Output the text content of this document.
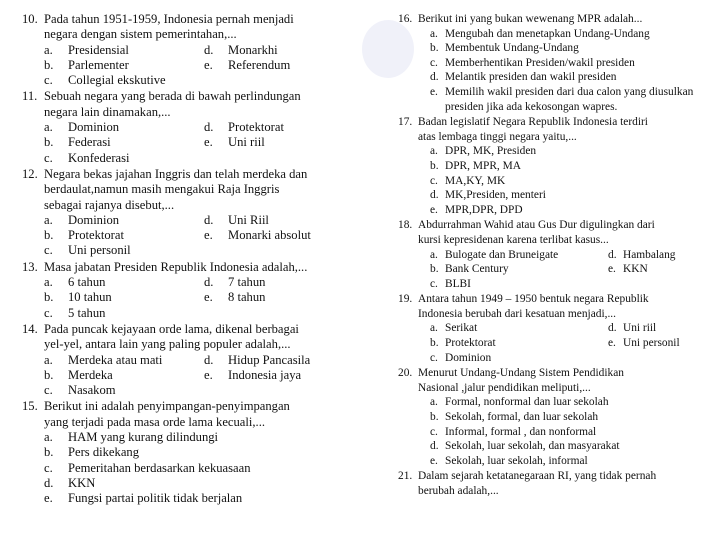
10. Pada tahun 1951-1959, Indonesia pernah menjadi
negara dengan sistem pemerintahan,...
a.	Presidensial	d.	Monarkhi
b.	Parlementer	e.	Referendum
c.	Collegial ekskutive
11. Sebuah negara yang berada di bawah perlindungan
negara lain dinamakan,...
a.	Dominion	d.	Protektorat
b.	Federasi	e.	Uni riil
c.	Konfederasi
12. Negara bekas jajahan Inggris dan telah merdeka dan
berdaulat,namun masih mengakui Raja Inggris
sebagai rajanya disebut,...
a.	Dominion	d.	Uni Riil
b.	Protektorat	e.	Monarki absolut
c.	Uni personil
13. Masa jabatan Presiden Republik Indonesia adalah,...
a.	6 tahun	d.	7 tahun
b.	10 tahun	e.	8 tahun
c.	5 tahun
14. Pada puncak kejayaan orde lama, dikenal berbagai
yel-yel, antara lain yang paling populer adalah,...
a.	Merdeka atau mati	d.	Hidup Pancasila
b.	Merdeka	e.	Indonesia jaya
c.	Nasakom
15. Berikut ini adalah penyimpangan-penyimpangan
yang terjadi pada masa orde lama kecuali,...
a.	HAM yang kurang dilindungi
b.	Pers dikekang
c.	Pemeritahan berdasarkan kekuasaan
d.	KKN
e.	Fungsi partai politik tidak berjalan
16. Berikut ini yang bukan wewenang MPR adalah...
a. Mengubah dan menetapkan Undang-Undang
b. Membentuk Undang-Undang
c. Memberhentikan Presiden/wakil presiden
d. Melantik presiden dan wakil presiden
e. Memilih wakil presiden dari dua calon yang diusulkan presiden jika ada kekosongan wapres.
17. Badan legislatif Negara Republik Indonesia terdiri
atas lembaga tinggi negara yaitu,...
a. DPR, MK, Presiden
b. DPR, MPR, MA
c. MA,KY, MK
d. MK,Presiden, menteri
e. MPR,DPR, DPD
18. Abdurrahman Wahid atau Gus Dur digulingkan dari
kursi kepresidenan karena terlibat kasus...
a. Bulogate dan Bruneigate	d. Hambalang
b. Bank Century	e. KKN
c. BLBI
19. Antara tahun 1949 – 1950 bentuk negara Republik
Indonesia berubah dari kesatuan menjadi,...
a. Serikat	d. Uni riil
b. Protektorat	e. Uni personil
c. Dominion
20. Menurut Undang-Undang Sistem Pendidikan
Nasional ,jalur pendidikan meliputi,...
a. Formal, nonformal dan luar sekolah
b. Sekolah, formal, dan luar sekolah
c. Informal, formal , dan nonformal
d. Sekolah, luar sekolah, dan masyarakat
e. Sekolah, luar sekolah, informal
21. Dalam sejarah ketatanegaraan RI, yang tidak pernah
berubah adalah,...
